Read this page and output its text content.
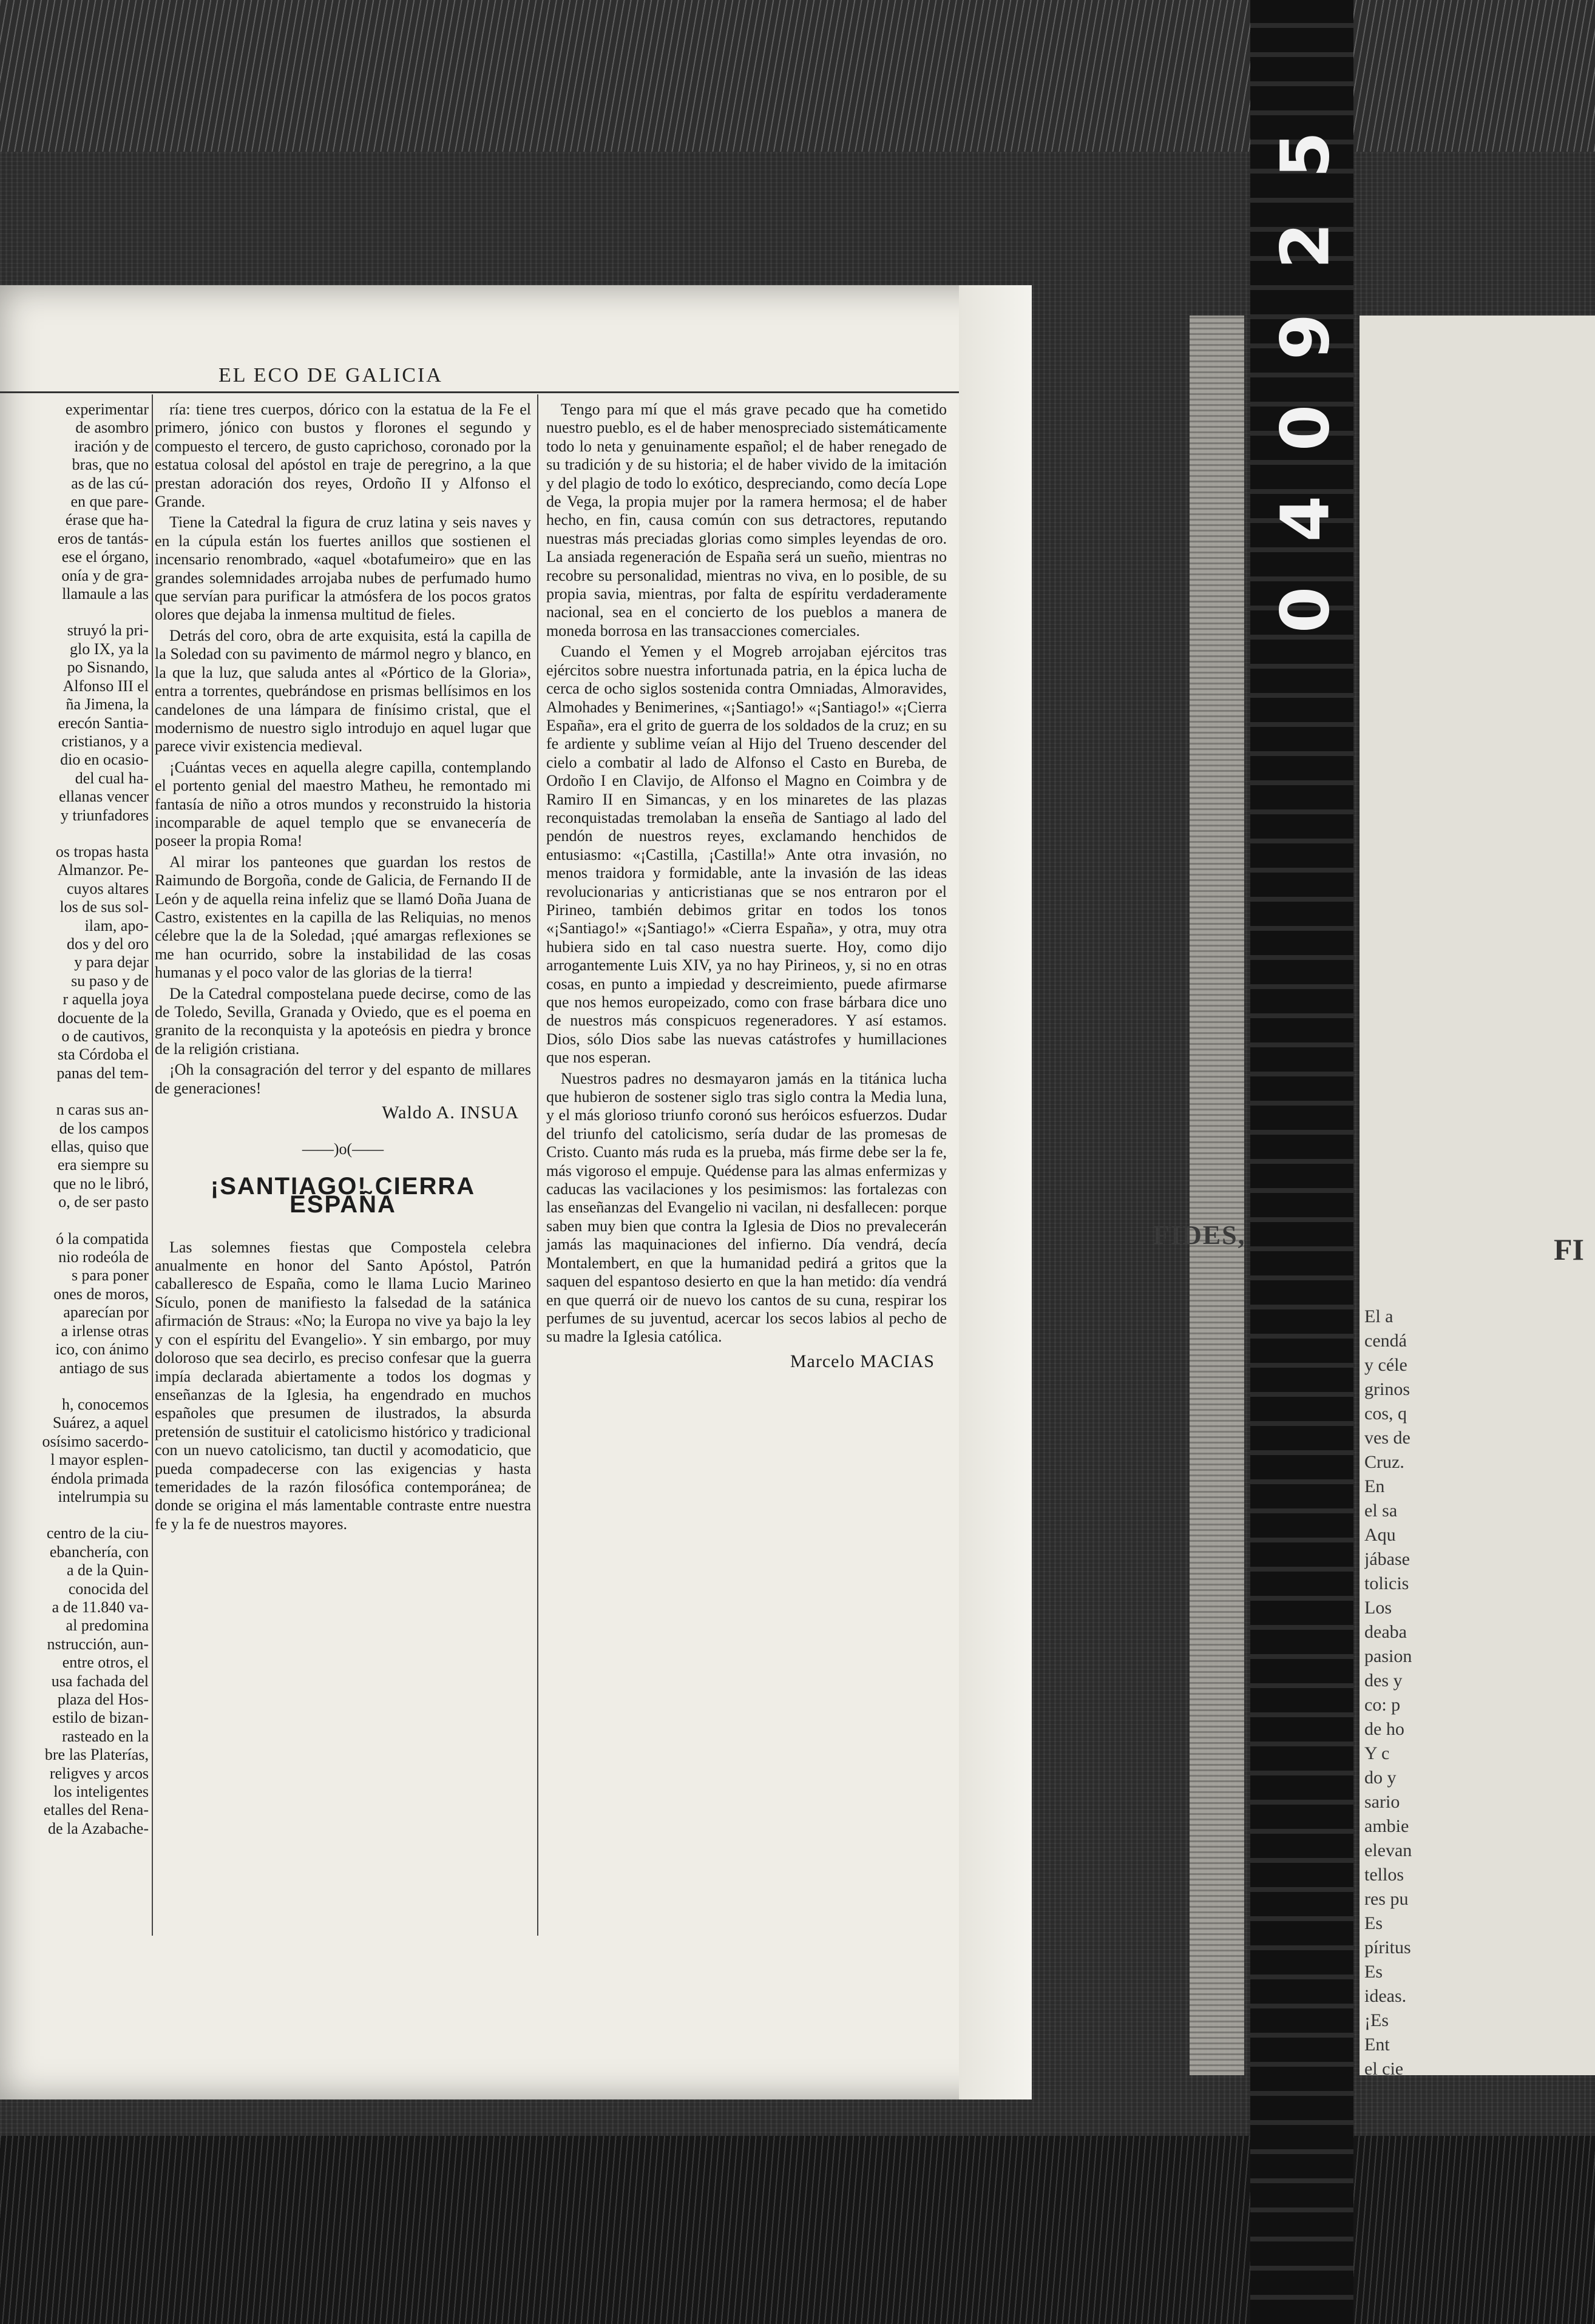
FIDES,	FI
El a
cendá
y céle
grinos
cos, q
ves de
Cruz.
En
el sa
Aqu
jábase
tolicis
Los
deaba
pasion
des y
co: p
de ho
Y c
do y
sario
ambie
elevan
tellos
res pu
Es
píritus
Es
ideas.
¡Es
Ent
el cie
5
2
9
0
4
0
EL ECO DE GALICIA

experimentar

de asombro

iración y de

bras, que no

as de las cú-

en que pare-

érase que ha-

eros de tantás-

ese el órgano,

onía y de gra-

llamaule a las

struyó la pri-

glo IX, ya la

po Sisnando,

Alfonso III el

ña Jimena, la

erecón Santia-

cristianos, y a

dio en ocasio-

del cual ha-

ellanas vencer

y triunfadores

os tropas hasta

Almanzor. Pe-

cuyos altares

los de sus sol-

ilam, apo-

dos y del oro

y para dejar

su paso y de

r aquella joya

docuente de la

o de cautivos,

sta Córdoba el

panas del tem-

n caras sus an-

de los campos

ellas, quiso que

era siempre su

que no le libró,

o, de ser pasto

ó la compatida

nio rodeóla de

s para poner

ones de moros,

aparecían por

a irlense otras

ico, con ánimo

antiago de sus

h, conocemos

Suárez, a aquel

osísimo sacerdo-

l mayor esplen-

éndola primada

intelrumpia su

centro de la ciu-

ebanchería, con

a de la Quin-

conocida del

a de 11.840 va-

al predomina

nstrucción, aun-

entre otros, el

usa fachada del

plaza del Hos-

estilo de bizan-

rasteado en la

bre las Platerías,

religves y arcos

los inteligentes

etalles del Rena-

de la Azabache-

ría: tiene tres cuerpos, dórico con la estatua de la Fe el primero, jónico con bustos y florones el segundo y compuesto el tercero, de gusto caprichoso, coronado por la estatua colosal del apóstol en traje de peregrino, a la que prestan adoración dos reyes, Ordoño II y Alfonso el Grande.

Tiene la Catedral la figura de cruz latina y seis naves y en la cúpula están los fuertes anillos que sostienen el incensario renombrado, «aquel «botafumeiro» que en las grandes solemnidades arrojaba nubes de perfumado humo que servían para purificar la atmósfera de los pocos gratos olores que dejaba la inmensa multitud de fieles.

Detrás del coro, obra de arte exquisita, está la capilla de la Soledad con su pavimento de mármol negro y blanco, en la que la luz, que saluda antes al «Pórtico de la Gloria», entra a torrentes, quebrándose en prismas bellísimos en los candelones de una lámpara de finísimo cristal, que el modernismo de nuestro siglo introdujo en aquel lugar que parece vivir existencia medieval.

¡Cuántas veces en aquella alegre capilla, contemplando el portento genial del maestro Matheu, he remontado mi fantasía de niño a otros mundos y reconstruido la historia incomparable de aquel templo que se envanecería de poseer la propia Roma!

Al mirar los panteones que guardan los restos de Raimundo de Borgoña, conde de Galicia, de Fernando II de León y de aquella reina infeliz que se llamó Doña Juana de Castro, existentes en la capilla de las Reliquias, no menos célebre que la de la Soledad, ¡qué amargas reflexiones se me han ocurrido, sobre la instabilidad de las cosas humanas y el poco valor de las glorias de la tierra!

De la Catedral compostelana puede decirse, como de las de Toledo, Sevilla, Granada y Oviedo, que es el poema en granito de la reconquista y la apoteósis en piedra y bronce de la religión cristiana.

¡Oh la consagración del terror y del espanto de millares de generaciones!

Waldo A. INSUA

——)o(——

¡SANTIAGO! CIERRA ESPAÑA

Las solemnes fiestas que Compostela celebra anualmente en honor del Santo Apóstol, Patrón caballeresco de España, como le llama Lucio Marineo Sículo, ponen de manifiesto la falsedad de la satánica afirmación de Straus: «No; la Europa no vive ya bajo la ley y con el espíritu del Evangelio». Y sin embargo, por muy doloroso que sea decirlo, es preciso confesar que la guerra impía declarada abiertamente a todos los dogmas y enseñanzas de la Iglesia, ha engendrado en muchos españoles que presumen de ilustrados, la absurda pretensión de sustituir el catolicismo histórico y tradicional con un nuevo catolicismo, tan ductil y acomodaticio, que pueda compadecerse con las exigencias y hasta temeridades de la razón filosófica contemporánea; de donde se origina el más lamentable contraste entre nuestra fe y la fe de nuestros mayores.

Tengo para mí que el más grave pecado que ha cometido nuestro pueblo, es el de haber menospreciado sistemáticamente todo lo neta y genuinamente español; el de haber renegado de su tradición y de su historia; el de haber vivido de la imitación y del plagio de todo lo exótico, despreciando, como decía Lope de Vega, la propia mujer por la ramera hermosa; el de haber hecho, en fin, causa común con sus detractores, reputando nuestras más preciadas glorias como simples leyendas de oro. La ansiada regeneración de España será un sueño, mientras no recobre su personalidad, mientras no viva, en lo posible, de su propia savia, mientras, por falta de espíritu verdaderamente nacional, sea en el concierto de los pueblos a manera de moneda borrosa en las transacciones comerciales.

Cuando el Yemen y el Mogreb arrojaban ejércitos tras ejércitos sobre nuestra infortunada patria, en la épica lucha de cerca de ocho siglos sostenida contra Omniadas, Almoravides, Almohades y Benimerines, «¡Santiago!» «¡Santiago!» «¡Cierra España», era el grito de guerra de los soldados de la cruz; en su fe ardiente y sublime veían al Hijo del Trueno descender del cielo a combatir al lado de Alfonso el Casto en Bureba, de Ordoño I en Clavijo, de Alfonso el Magno en Coimbra y de Ramiro II en Simancas, y en los minaretes de las plazas reconquistadas tremolaban la enseña de Santiago al lado del pendón de nuestros reyes, exclamando henchidos de entusiasmo: «¡Castilla, ¡Castilla!» Ante otra invasión, no menos traidora y formidable, ante la invasión de las ideas revolucionarias y anticristianas que se nos entraron por el Pirineo, también debimos gritar en todos los tonos «¡Santiago!» «¡Santiago!» «Cierra España», y otra, muy otra hubiera sido en tal caso nuestra suerte. Hoy, como dijo arrogantemente Luis XIV, ya no hay Pirineos, y, si no en otras cosas, en punto a impiedad y descreimiento, puede afirmarse que nos hemos europeizado, como con frase bárbara dice uno de nuestros más conspicuos regeneradores. Y así estamos. Dios, sólo Dios sabe las nuevas catástrofes y humillaciones que nos esperan.

Nuestros padres no desmayaron jamás en la titánica lucha que hubieron de sostener siglo tras siglo contra la Media luna, y el más glorioso triunfo coronó sus heróicos esfuerzos. Dudar del triunfo del catolicismo, sería dudar de las promesas de Cristo. Cuanto más ruda es la prueba, más firme debe ser la fe, más vigoroso el empuje. Quédense para las almas enfermizas y caducas las vacilaciones y los pesimismos: las fortalezas con las enseñanzas del Evangelio ni vacilan, ni desfallecen: porque saben muy bien que contra la Iglesia de Dios no prevalecerán jamás las maquinaciones del infierno. Día vendrá, decía Montalembert, en que la humanidad pedirá a gritos que la saquen del espantoso desierto en que la han metido: día vendrá en que querrá oir de nuevo los cantos de su cuna, respirar los perfumes de su juventud, acercar los secos labios al pecho de su madre la Iglesia católica.

Marcelo MACIAS
